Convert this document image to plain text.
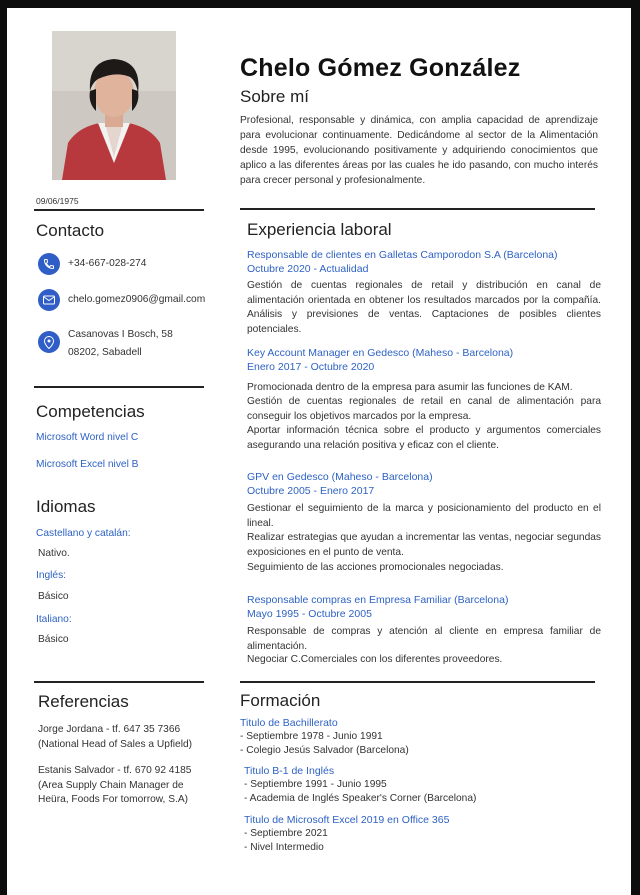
Chelo Gómez González
Sobre mí
Profesional, responsable y dinámica, con amplia capacidad de aprendizaje para evolucionar continuamente. Dedicándome al sector de la Alimentación desde 1995, evolucionando positivamente y adquiriendo conocimientos que aplico a las diferentes áreas por las cuales he ido pasando, con mucho interés para crecer personal y profesionalmente.
09/06/1975
Contacto
+34-667-028-274
chelo.gomez0906@gmail.com
Casanovas I Bosch, 58
08202, Sabadell
Competencias
Microsoft Word nivel C
Microsoft Excel nivel B
Idiomas
Castellano y catalán:
Nativo.
Inglés:
Básico
Italiano:
Básico
Referencias
Jorge Jordana - tf. 647 35 7366
(National Head of Sales a Upfield)
Estanis Salvador - tf. 670 92 4185
(Area Supply Chain Manager de
Heüra, Foods For tomorrow, S.A)
Experiencia laboral
Responsable de clientes en Galletas Camporodon S.A (Barcelona)
Octubre 2020 - Actualidad
Gestión de cuentas regionales de retail y distribución en canal de alimentación orientada en obtener los resultados marcados por la compañía. Análisis y previsiones de ventas. Captaciones de posibles clientes potenciales.
Key Account Manager en Gedesco (Maheso - Barcelona)
Enero 2017 - Octubre 2020
Promocionada dentro de la empresa para asumir las funciones de KAM.
Gestión de cuentas regionales de retail en canal de alimentación para conseguir los objetivos marcados por la empresa.
Aportar información técnica sobre el producto y argumentos comerciales asegurando una relación positiva y eficaz con el cliente.
GPV en Gedesco (Maheso - Barcelona)
Octubre 2005 - Enero 2017
Gestionar el seguimiento de la marca y posicionamiento del producto en el lineal.
Realizar estrategias que ayudan a incrementar las ventas, negociar segundas exposiciones en el punto de venta.
Seguimiento de las acciones promocionales negociadas.
Responsable compras en Empresa Familiar (Barcelona)
Mayo 1995 - Octubre 2005
Responsable de compras y atención al cliente en empresa familiar de alimentación.
Negociar C.Comerciales con los diferentes proveedores.
Formación
Titulo de Bachillerato
- Septiembre 1978 - Junio 1991
- Colegio Jesús Salvador (Barcelona)
Titulo B-1 de Inglés
- Septiembre 1991 - Junio 1995
- Academia de Inglés Speaker's Corner (Barcelona)
Titulo de Microsoft Excel 2019 en Office 365
- Septiembre 2021
- Nivel Intermedio
